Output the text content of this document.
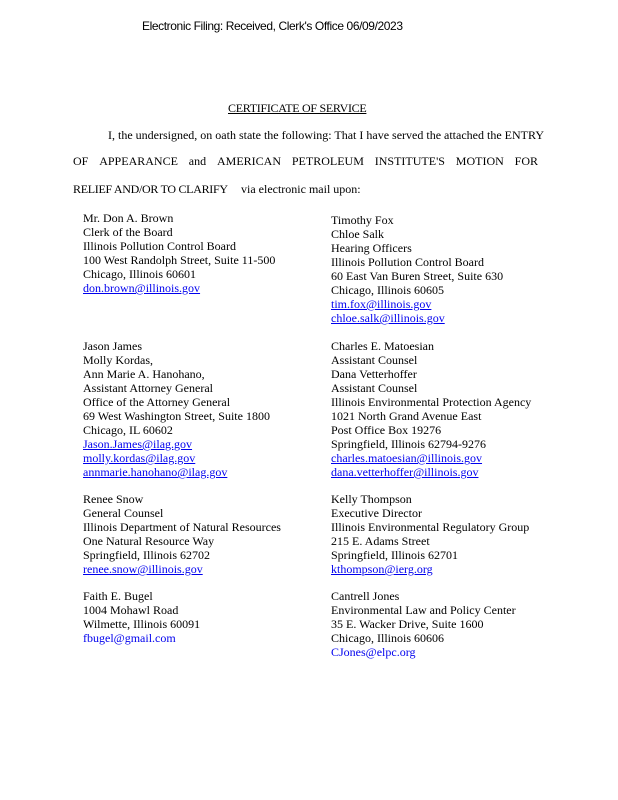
Electronic Filing: Received, Clerk's Office 06/09/2023
CERTIFICATE OF SERVICE
I, the undersigned, on oath state the following: That I have served the attached the ENTRY
OF APPEARANCE and AMERICAN PETROLEUM INSTITUTE'S MOTION FOR
RELIEF AND/OR TO CLARIFY via electronic mail upon:
Mr. Don A. Brown
Clerk of the Board
Illinois Pollution Control Board
100 West Randolph Street, Suite 11-500
Chicago, Illinois 60601
don.brown@illinois.gov
Timothy Fox
Chloe Salk
Hearing Officers
Illinois Pollution Control Board
60 East Van Buren Street, Suite 630
Chicago, Illinois 60605
tim.fox@illinois.gov
chloe.salk@illinois.gov
Jason James
Molly Kordas,
Ann Marie A. Hanohano,
Assistant Attorney General
Office of the Attorney General
69 West Washington Street, Suite 1800
Chicago, IL 60602
Jason.James@ilag.gov
molly.kordas@ilag.gov
annmarie.hanohano@ilag.gov
Charles E. Matoesian
Assistant Counsel
Dana Vetterhoffer
Assistant Counsel
Illinois Environmental Protection Agency
1021 North Grand Avenue East
Post Office Box 19276
Springfield, Illinois 62794-9276
charles.matoesian@illinois.gov
dana.vetterhoffer@illinois.gov
Renee Snow
General Counsel
Illinois Department of Natural Resources
One Natural Resource Way
Springfield, Illinois 62702
renee.snow@illinois.gov
Kelly Thompson
Executive Director
Illinois Environmental Regulatory Group
215 E. Adams Street
Springfield, Illinois 62701
kthompson@ierg.org
Faith E. Bugel
1004 Mohawl Road
Wilmette, Illinois 60091
fbugel@gmail.com
Cantrell Jones
Environmental Law and Policy Center
35 E. Wacker Drive, Suite 1600
Chicago, Illinois 60606
CJones@elpc.org
